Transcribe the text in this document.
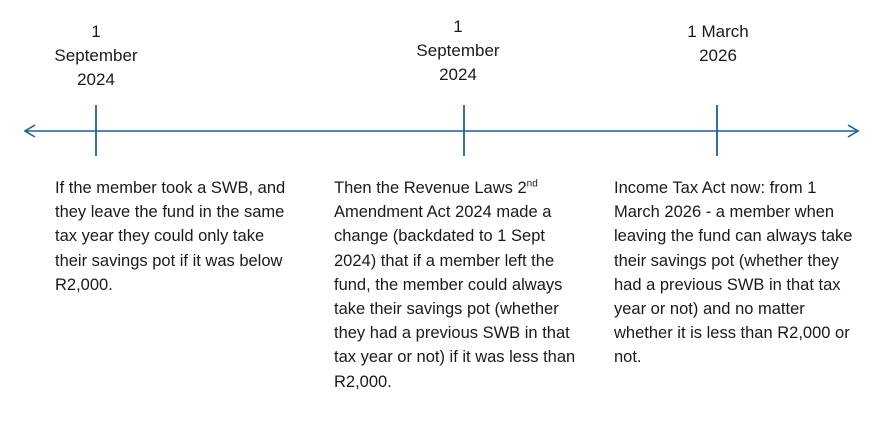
1
September
2024
1
September
2024
1 March
2026
If the member took a SWB, and they leave the fund in the same tax year they could only take their savings pot if it was below R2,000.
Then the Revenue Laws 2nd Amendment Act 2024 made a change (backdated to 1 Sept 2024) that if a member left the fund, the member could always take their savings pot (whether they had a previous SWB in that tax year or not) if it was less than R2,000.
Income Tax Act now: from 1 March 2026 - a member when leaving the fund can always take their savings pot (whether they had a previous SWB in that tax year or not) and no matter whether it is less than R2,000 or not.
